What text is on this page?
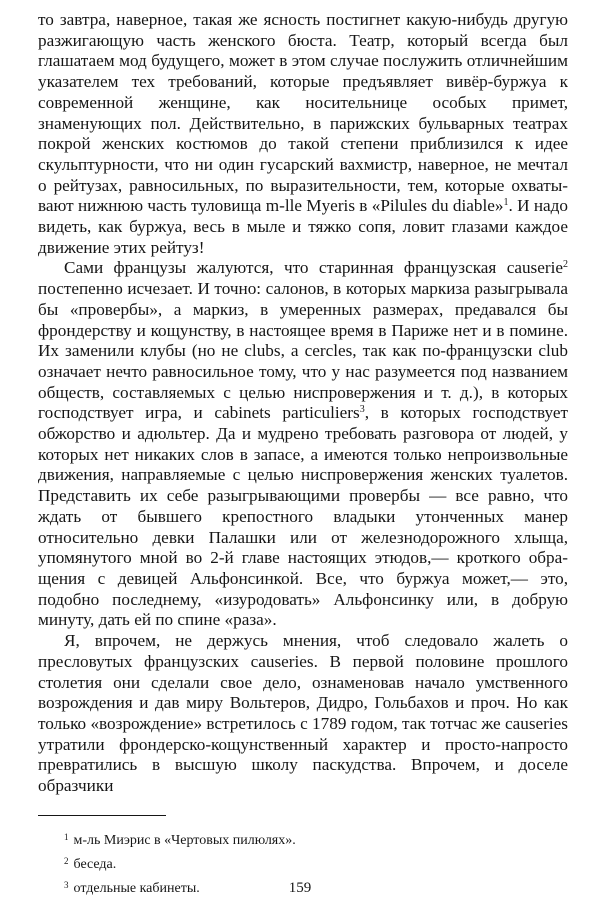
то завтра, наверное, такая же ясность постигнет какую-нибудь другую разжигающую часть женского бюста. Театр, который всегда был глашатаем мод будущего, может в этом случае послужить отличнейшим указателем тех требований, которые предъявляет вивёр-буржуа к современной женщине, как носительнице особых примет, знаменующих пол. Действительно, в парижских бульварных театрах покрой женских костюмов до такой степени приблизился к идее скульптурности, что ни один гусарский вахмистр, наверное, не мечтал о рейтузах, равносильных, по выразительности, тем, которые охватывают нижнюю часть туловища m-lle Myeris в «Pilules du diable»$^1$. И надо видеть, как буржуа, весь в мыле и тяжко сопя, ловит глазами каждое движение этих рейтуз!

Сами французы жалуются, что старинная французская causerie$^2$ постепенно исчезает. И точно: салонов, в которых маркиза разыгрывала бы «провербы», а маркиз, в умеренных размерах, предавался бы фрондерству и кощунству, в настоящее время в Париже нет и в помине. Их заменили клубы (но не clubs, a cercles, так как по-французски club означает нечто равносильное тому, что у нас разумеется под названием обществ, составляемых с целью ниспровержения и т. д.), в которых господствует игра, и cabinets particuliers$^3$, в которых господствует обжорство и адюльтер. Да и мудрено требовать разговора от людей, у которых нет никаких слов в запасе, а имеются только непроизвольные движения, направляемые с целью ниспровержения женских туалетов. Представить их себе разыгрывающими провербы — все равно, что ждать от бывшего крепостного владыки утонченных манер относительно девки Палашки или от железнодорожного хлыща, упомянутого мной во 2-й главе настоящих этюдов,— кроткого обращения с девицей Альфонсинкой. Все, что буржуа может,— это, подобно последнему, «изуродовать» Альфонсинку или, в добрую минуту, дать ей по спине «раза».

Я, впрочем, не держусь мнения, чтоб следовало жалеть о пресловутых французских causeries. В первой половине прошлого столетия они сделали свое дело, ознаменовав начало умственного возрождения и дав миру Вольтеров, Дидро, Гольбахов и проч. Но как только «возрождение» встретилось с 1789 годом, так тотчас же causeries утратили фрондерско-кощунственный характер и просто-напросто превратились в высшую школу паскудства. Впрочем, и доселе образчики

$^1$ м-ль Миэрис в «Чертовых пилюлях».
$^2$ беседа.
$^3$ отдельные кабинеты.	159
